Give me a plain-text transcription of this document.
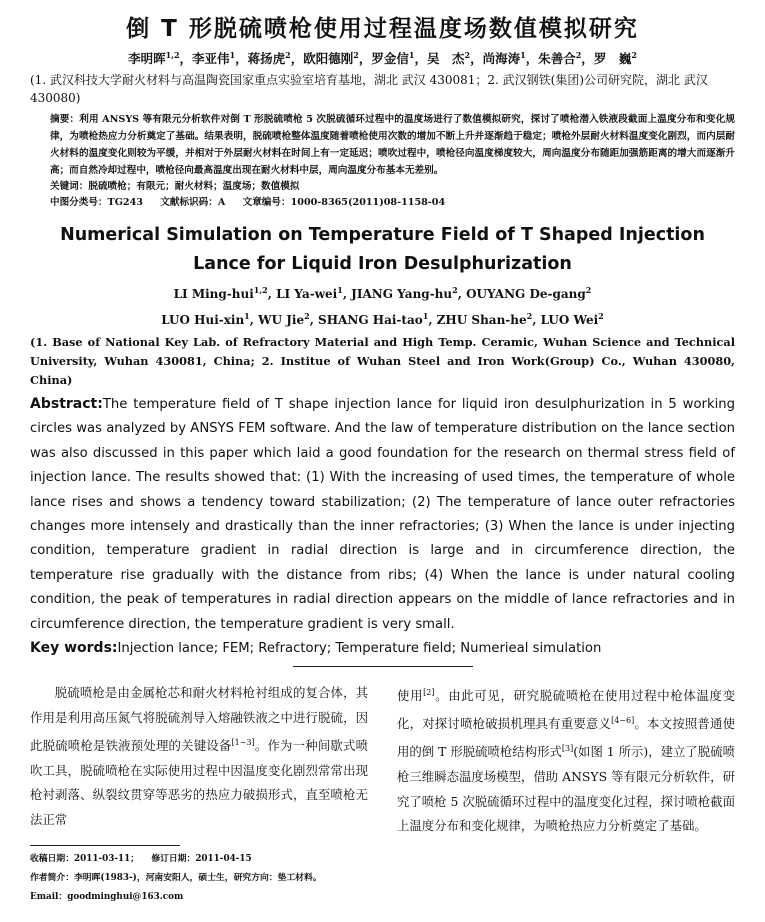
倒 T 形脱硫喷枪使用过程温度场数值模拟研究
李明晖$^{1,2}$，李亚伟$^1$，蒋扬虎$^2$，欧阳德刚$^2$，罗金信$^1$，吴　杰$^2$，尚海涛$^1$，朱善合$^2$，罗　巍$^2$
(1. 武汉科技大学耐火材料与高温陶瓷国家重点实验室培育基地，湖北 武汉 430081；2. 武汉钢铁(集团)公司研究院，湖北 武汉 430080)
摘要：利用 ANSYS 等有限元分析软件对倒 T 形脱硫喷枪 5 次脱硫循环过程中的温度场进行了数值模拟研究，探讨了喷枪潜入铁液段截面上温度分布和变化规律，为喷枪热应力分析奠定了基础。结果表明，脱硫喷枪整体温度随着喷枪使用次数的增加不断上升并逐渐趋于稳定；喷枪外层耐火材料温度变化剧烈，而内层耐火材料的温度变化则较为平缓，并相对于外层耐火材料在时间上有一定延迟；喷吹过程中，喷枪径向温度梯度较大，周向温度分布随距加强筋距离的增大而逐渐升高；而自然冷却过程中，喷枪径向最高温度出现在耐火材料中层，周向温度分布基本无差别。
关键词：脱硫喷枪；有限元；耐火材料；温度场；数值模拟
中图分类号：TG243 文献标识码：A 文章编号：1000-8365(2011)08-1158-04
Numerical Simulation on Temperature Field of T Shaped Injection
Lance for Liquid Iron Desulphurization
LI Ming-hui$^{1,2}$, LI Ya-wei$^1$, JIANG Yang-$hu^2$, OUYANG De-gang$^2$
LUO Hui-xin$^1$, WU Jie$^2$, SHANG Hai-tao$^1$, ZHU Shan-$he^2$, LUO Wei$^2$
(1. Base of National Key Lab. of Refractory Material and High Temp. Ceramic, Wuhan Science and Technical University, Wuhan 430081, China; 2. Institue of Wuhan Steel and Iron Work(Group) Co., Wuhan 430080, China)
Abstract:The temperature field of T shape injection lance for liquid iron desulphurization in 5 working circles was analyzed by ANSYS FEM software. And the law of temperature distribution on the lance section was also discussed in this paper which laid a good foundation for the research on thermal stress field of injection lance. The results showed that: (1) With the increasing of used times, the temperature of whole lance rises and shows a tendency toward stabilization; (2) The temperature of lance outer refractories changes more intensely and drastically than the inner refractories; (3) When the lance is under injecting condition, temperature gradient in radial direction is large and in circumference direction, the temperature rise gradually with the distance from ribs; (4) When the lance is under natural cooling condition, the peak of temperatures in radial direction appears on the middle of lance refractories and in circumference direction, the temperature gradient is very small.
Key words:Injection lance; FEM; Refractory; Temperature field; Numerieal simulation

脱硫喷枪是由金属枪芯和耐火材料枪衬组成的复合体，其作用是利用高压氮气将脱硫剂导入熔融铁液之中进行脱硫，因此脱硫喷枪是铁液预处理的关键设备[1~3]。作为一种间歇式喷吹工具，脱硫喷枪在实际使用过程中因温度变化剧烈常常出现枪衬剥落、纵裂纹贯穿等恶劣的热应力破损形式，直至喷枪无法正常

收稿日期：2011-03-11； 修订日期：2011-04-15
作者简介：李明晖(1983-)，河南安阳人，硕士生，研究方向：垫工材料。
Email：goodminghui@163.com

使用[2]。由此可见，研究脱硫喷枪在使用过程中枪体温度变化，对探讨喷枪破损机理具有重要意义[4~6]。本文按照普通使用的倒 T 形脱硫喷枪结构形式[3](如图 1 所示)，建立了脱硫喷枪三维瞬态温度场模型，借助 ANSYS 等有限元分析软件，研究了喷枪 5 次脱硫循环过程中的温度变化过程，探讨喷枪截面上温度分布和变化规律，为喷枪热应力分析奠定了基础。
